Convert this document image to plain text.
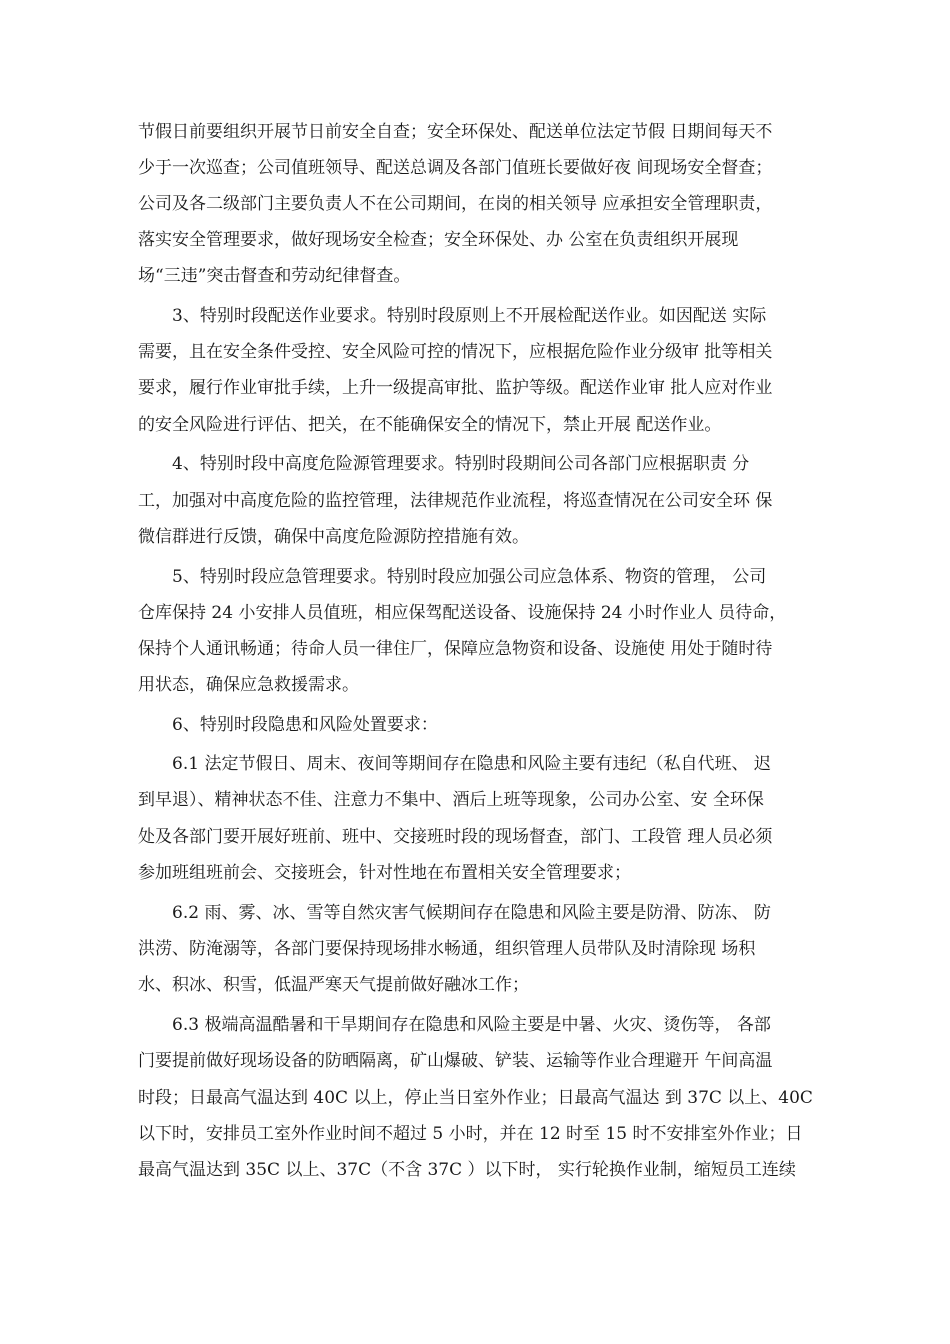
节假日前要组织开展节日前安全自查；安全环保处、配送单位法定节假 日期间每天不
少于一次巡查；公司值班领导、配送总调及各部门值班长要做好夜 间现场安全督查；
公司及各二级部门主要负责人不在公司期间，在岗的相关领导 应承担安全管理职责，
落实安全管理要求，做好现场安全检查；安全环保处、办 公室在负责组织开展现
场“三违”突击督查和劳动纪律督查。
3、特别时段配送作业要求。特别时段原则上不开展检配送作业。如因配送 实际
需要，且在安全条件受控、安全风险可控的情况下，应根据危险作业分级审 批等相关
要求，履行作业审批手续，上升一级提高审批、监护等级。配送作业审 批人应对作业
的安全风险进行评估、把关，在不能确保安全的情况下，禁止开展 配送作业。
4、特别时段中高度危险源管理要求。特别时段期间公司各部门应根据职责 分
工，加强对中高度危险的监控管理，法律规范作业流程，将巡查情况在公司安全环 保
微信群进行反馈，确保中高度危险源防控措施有效。
5、特别时段应急管理要求。特别时段应加强公司应急体系、物资的管理， 公司
仓库保持 24 小安排人员值班，相应保驾配送设备、设施保持 24 小时作业人 员待命，
保持个人通讯畅通；待命人员一律住厂，保障应急物资和设备、设施使 用处于随时待
用状态，确保应急救援需求。
6、特别时段隐患和风险处置要求：
6.1 法定节假日、周末、夜间等期间存在隐患和风险主要有违纪（私自代班、 迟
到早退）、精神状态不佳、注意力不集中、酒后上班等现象，公司办公室、安 全环保
处及各部门要开展好班前、班中、交接班时段的现场督查，部门、工段管 理人员必须
参加班组班前会、交接班会，针对性地在布置相关安全管理要求；
6.2 雨、雾、冰、雪等自然灾害气候期间存在隐患和风险主要是防滑、防冻、 防
洪涝、防淹溺等，各部门要保持现场排水畅通，组织管理人员带队及时清除现 场积
水、积冰、积雪，低温严寒天气提前做好融冰工作；
6.3 极端高温酷暑和干旱期间存在隐患和风险主要是中暑、火灾、烫伤等， 各部
门要提前做好现场设备的防晒隔离，矿山爆破、铲装、运输等作业合理避开 午间高温
时段；日最高气温达到 40C 以上，停止当日室外作业；日最高气温达 到 37C 以上、40C
以下时，安排员工室外作业时间不超过 5 小时，并在 12 时至 15 时不安排室外作业；日
最高气温达到 35C 以上、37C（不含 37C ）以下时， 实行轮换作业制，缩短员工连续
